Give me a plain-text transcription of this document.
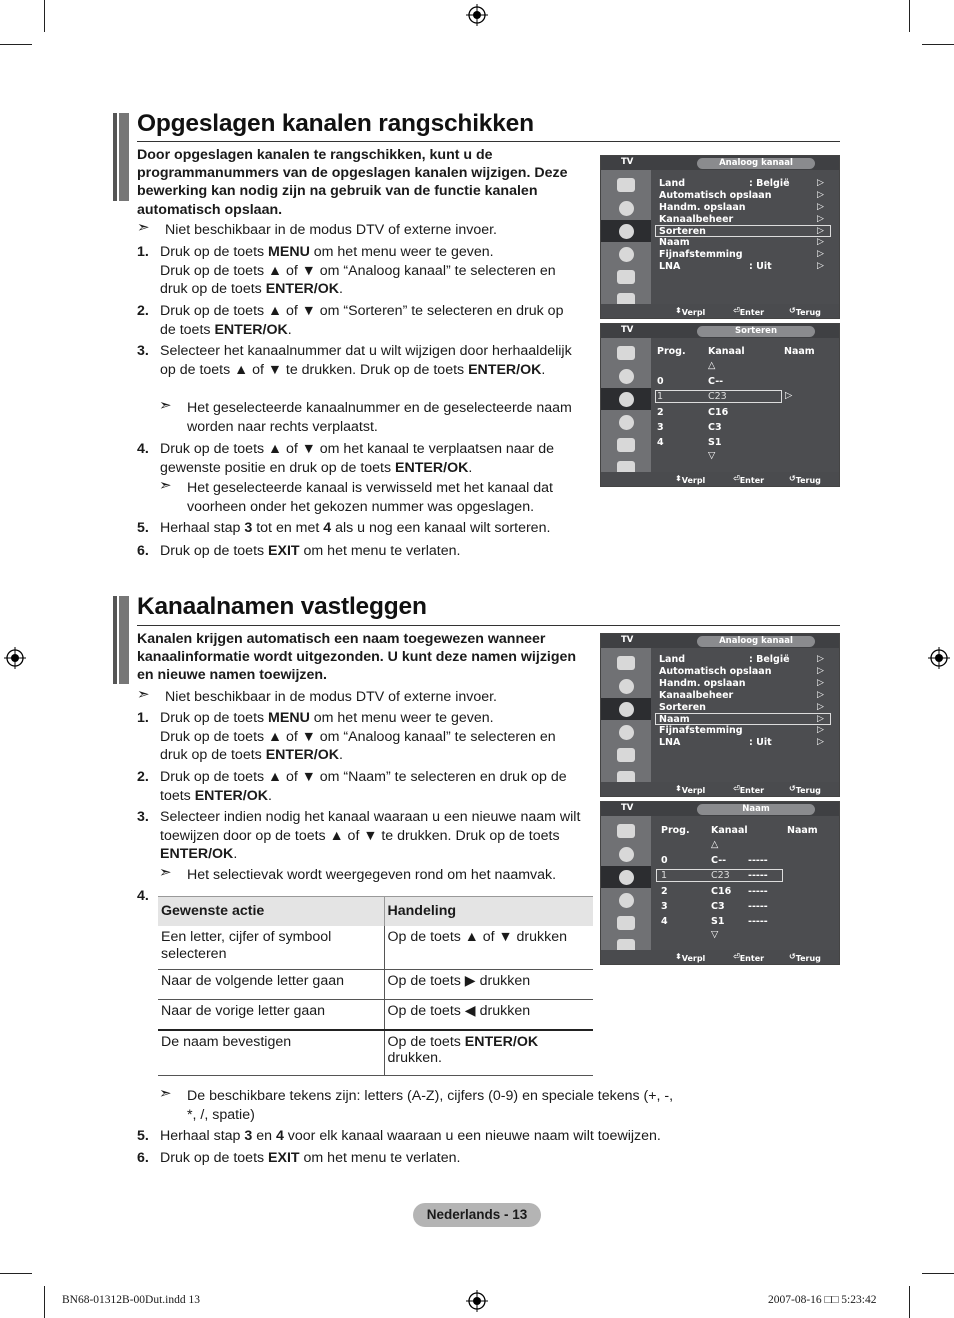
Opgeslagen kanalen rangschikken
Door opgeslagen kanalen te rangschikken, kunt u de programmanummers van de opgeslagen kanalen wijzigen. Deze bewerking kan nodig zijn na gebruik van de functie kanalen automatisch opslaan.
➣ Niet beschikbaar in de modus DTV of externe invoer.
1. Druk op de toets MENU om het menu weer te geven.
Druk op de toets ▲ of ▼ om “Analoog kanaal” te selecteren en druk op de toets ENTER/OK.
2. Druk op de toets ▲ of ▼ om “Sorteren” te selecteren en druk op de toets ENTER/OK.
3. Selecteer het kanaalnummer dat u wilt wijzigen door herhaaldelijk op de toets ▲ of ▼ te drukken. Druk op de toets ENTER/OK.
➣ Het geselecteerde kanaalnummer en de geselecteerde naam worden naar rechts verplaatst.
4. Druk op de toets ▲ of ▼ om het kanaal te verplaatsen naar de gewenste positie en druk op de toets ENTER/OK.
➣ Het geselecteerde kanaal is verwisseld met het kanaal dat voorheen onder het gekozen nummer was opgeslagen.
5. Herhaal stap 3 tot en met 4 als u nog een kanaal wilt sorteren.
6. Druk op de toets EXIT om het menu te verlaten.
TV	Analoog kanaal
Land	: België	▷
Automatisch opslaan	▷
Handm. opslaan	▷
Kanaalbeheer	▷
Sorteren	▷
Naam	▷
Fijnafstemming	▷
LNA	: Uit	▷
⬍ Verpl	⏎ Enter	↺ Terug
TV	Sorteren
Prog. Kanaal	Naam
△
0	C--
1	C23	▷
2	C16
3	C3
4	S1
▽
⬍ Verpl	⏎ Enter	↺ Terug
Kanaalnamen vastleggen
Kanalen krijgen automatisch een naam toegewezen wanneer kanaalinformatie wordt uitgezonden. U kunt deze namen wijzigen en nieuwe namen toewijzen.
➣ Niet beschikbaar in de modus DTV of externe invoer.
1. Druk op de toets MENU om het menu weer te geven.
Druk op de toets ▲ of ▼ om “Analoog kanaal” te selecteren en druk op de toets ENTER/OK.
2. Druk op de toets ▲ of ▼ om “Naam” te selecteren en druk op de toets ENTER/OK.
3. Selecteer indien nodig het kanaal waaraan u een nieuwe naam wilt toewijzen door op de toets ▲ of ▼ te drukken. Druk op de toets ENTER/OK.
➣ Het selectievak wordt weergegeven rond om het naamvak.
4.
Gewenste actie	Handeling
Een letter, cijfer of symbool selecteren	Op de toets ▲ of ▼ drukken
Naar de volgende letter gaan	Op de toets ▶ drukken
Naar de vorige letter gaan	Op de toets ◀ drukken
De naam bevestigen	Op de toets ENTER/OK drukken.
➣ De beschikbare tekens zijn: letters (A-Z), cijfers (0-9) en speciale tekens (+, -, *, /, spatie)
5. Herhaal stap 3 en 4 voor elk kanaal waaraan u een nieuwe naam wilt toewijzen.
6. Druk op de toets EXIT om het menu te verlaten.
TV	Analoog kanaal
Land	: België	▷
Automatisch opslaan	▷
Handm. opslaan	▷
Kanaalbeheer	▷
Sorteren	▷
Naam	▷
Fijnafstemming	▷
LNA	: Uit	▷
⬍ Verpl	⏎ Enter	↺ Terug
TV	Naam
Prog. Kanaal	Naam
△
0	C-- -----
1	C23 -----
2	C16 -----
3	C3 -----
4	S1 -----
▽
⬍ Verpl	⏎ Enter	↺ Terug
Nederlands - 13
BN68-01312B-00Dut.indd 13	2007-08-16 □□ 5:23:42
